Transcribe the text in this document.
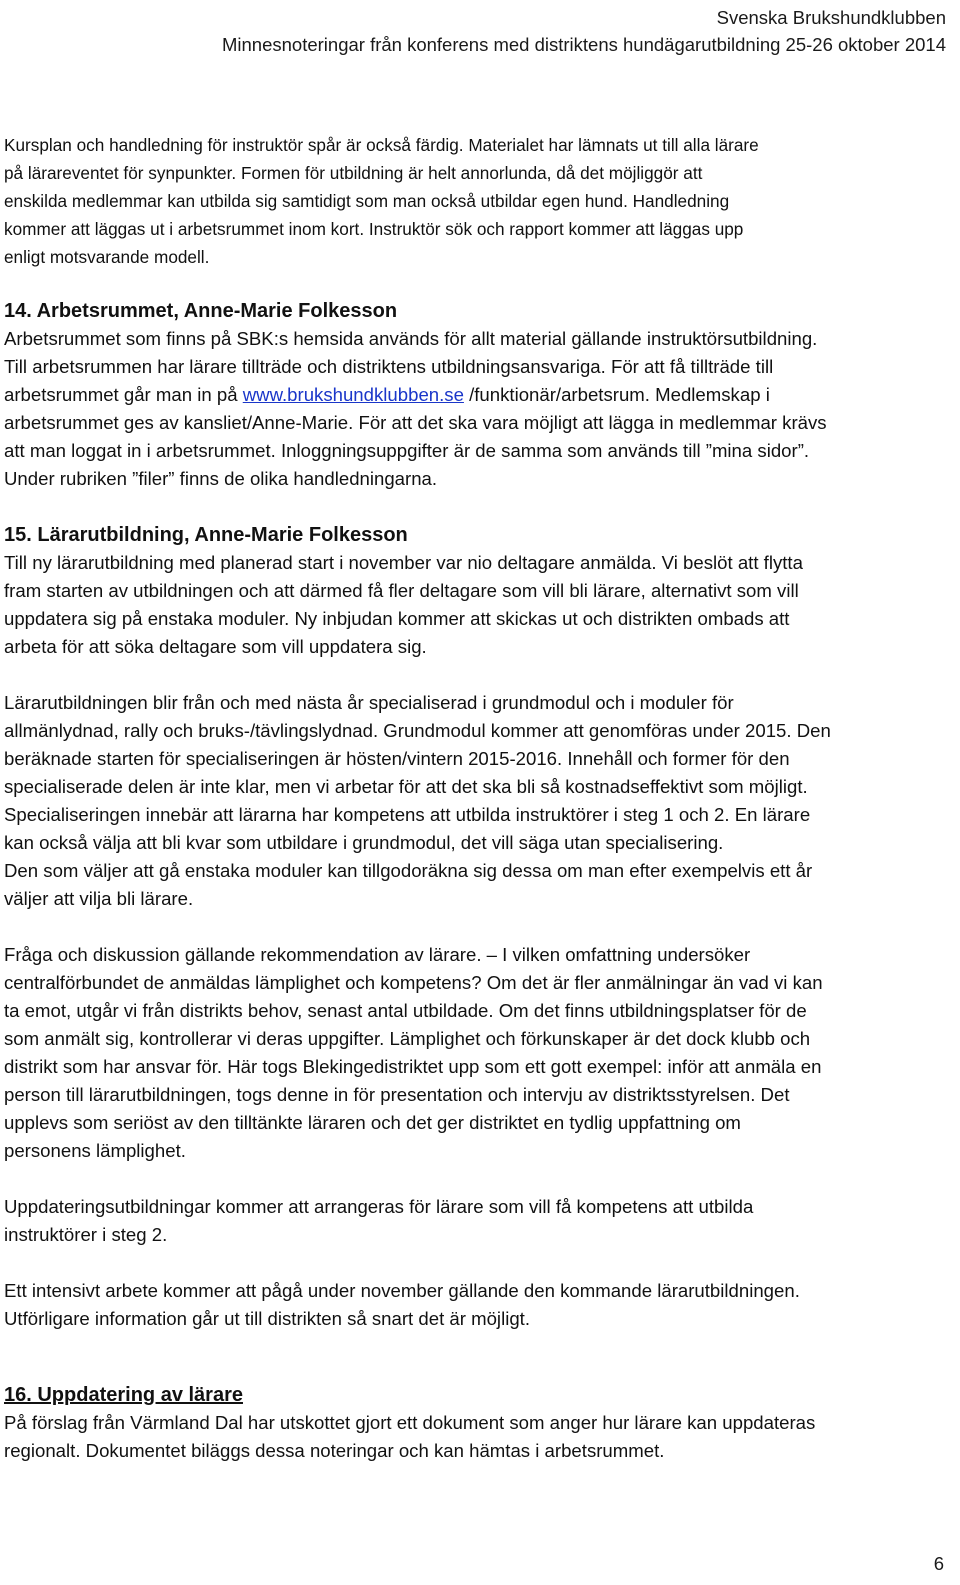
Svenska Brukshundklubben
Minnesnoteringar från konferens med distriktens hundägarutbildning 25-26 oktober 2014

Kursplan och handledning för instruktör spår är också färdig. Materialet har lämnats ut till alla lärare

på lärareventet för synpunkter. Formen för utbildning är helt annorlunda, då det möjliggör att

enskilda medlemmar kan utbilda sig samtidigt som man också utbildar egen hund. Handledning

kommer att läggas ut i arbetsrummet inom kort. Instruktör sök och rapport kommer att läggas upp

enligt motsvarande modell.

14. Arbetsrummet, Anne-Marie Folkesson

Arbetsrummet som finns på SBK:s hemsida används för allt material gällande instruktörsutbildning.

Till arbetsrummen har lärare tillträde och distriktens utbildningsansvariga. För att få tillträde till

arbetsrummet går man in på www.brukshundklubben.se /funktionär/arbetsrum. Medlemskap i

arbetsrummet ges av kansliet/Anne-Marie. För att det ska vara möjligt att lägga in medlemmar krävs

att man loggat in i arbetsrummet. Inloggningsuppgifter är de samma som används till ”mina sidor”.

Under rubriken ”filer” finns de olika handledningarna.

15. Lärarutbildning, Anne-Marie Folkesson

Till ny lärarutbildning med planerad start i november var nio deltagare anmälda. Vi beslöt att flytta

fram starten av utbildningen och att därmed få fler deltagare som vill bli lärare, alternativt som vill

uppdatera sig på enstaka moduler. Ny inbjudan kommer att skickas ut och distrikten ombads att

arbeta för att söka deltagare som vill uppdatera sig.

Lärarutbildningen blir från och med nästa år specialiserad i grundmodul och i moduler för

allmänlydnad, rally och bruks-/tävlingslydnad. Grundmodul kommer att genomföras under 2015. Den

beräknade starten för specialiseringen är hösten/vintern 2015-2016. Innehåll och former för den

specialiserade delen är inte klar, men vi arbetar för att det ska bli så kostnadseffektivt som möjligt.

Specialiseringen innebär att lärarna har kompetens att utbilda instruktörer i steg 1 och 2. En lärare

kan också välja att bli kvar som utbildare i grundmodul, det vill säga utan specialisering.

Den som väljer att gå enstaka moduler kan tillgodoräkna sig dessa om man efter exempelvis ett år

väljer att vilja bli lärare.

Fråga och diskussion gällande rekommendation av lärare. – I vilken omfattning undersöker

centralförbundet de anmäldas lämplighet och kompetens? Om det är fler anmälningar än vad vi kan

ta emot, utgår vi från distrikts behov, senast antal utbildade. Om det finns utbildningsplatser för de

som anmält sig, kontrollerar vi deras uppgifter. Lämplighet och förkunskaper är det dock klubb och

distrikt som har ansvar för. Här togs Blekingedistriktet upp som ett gott exempel: inför att anmäla en

person till lärarutbildningen, togs denne in för presentation och intervju av distriktsstyrelsen. Det

upplevs som seriöst av den tilltänkte läraren och det ger distriktet en tydlig uppfattning om

personens lämplighet.

Uppdateringsutbildningar kommer att arrangeras för lärare som vill få kompetens att utbilda

instruktörer i steg 2.

Ett intensivt arbete kommer att pågå under november gällande den kommande lärarutbildningen.

Utförligare information går ut till distrikten så snart det är möjligt.

16. Uppdatering av lärare

På förslag från Värmland Dal har utskottet gjort ett dokument som anger hur lärare kan uppdateras

regionalt. Dokumentet biläggs dessa noteringar och kan hämtas i arbetsrummet.

6
